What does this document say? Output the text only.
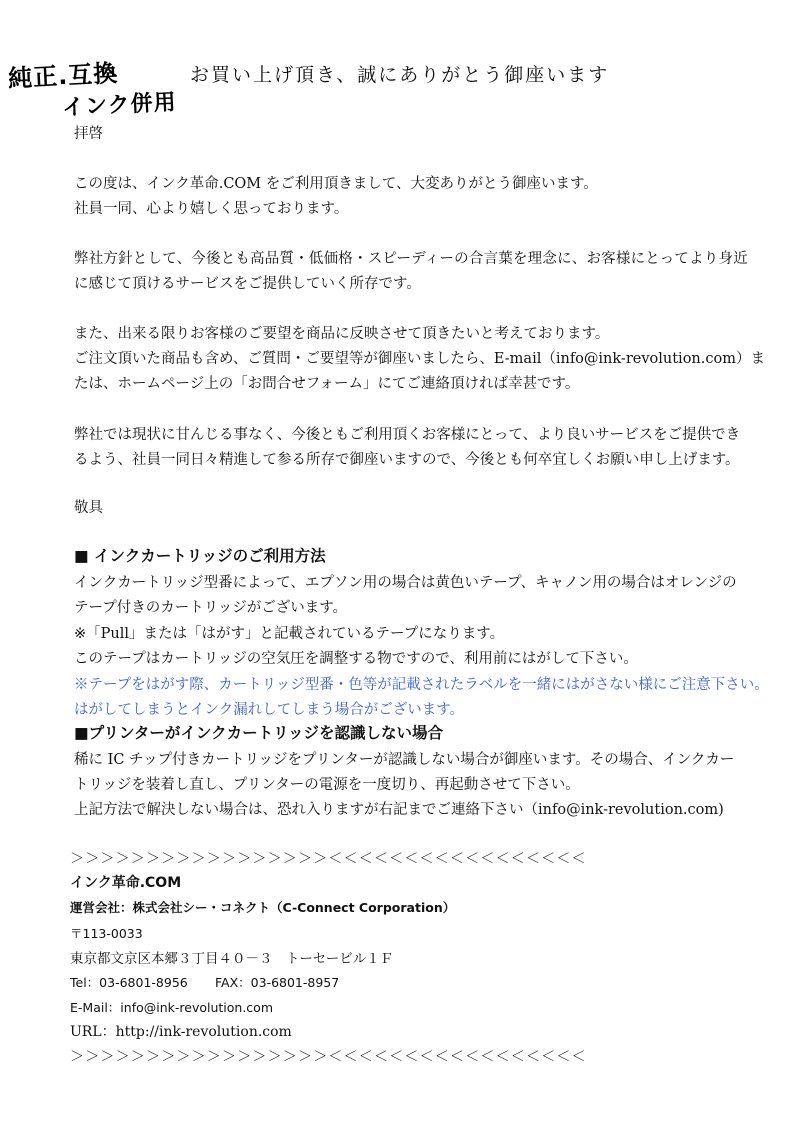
純正.互換
インク併用
お買い上げ頂き、誠にありがとう御座います
拝啓
この度は、インク革命.COM をご利用頂きまして、大変ありがとう御座います。
社員一同、心より嬉しく思っております。
弊社方針として、今後とも高品質・低価格・スピーディーの合言葉を理念に、お客様にとってより身近
に感じて頂けるサービスをご提供していく所存です。
また、出来る限りお客様のご要望を商品に反映させて頂きたいと考えております。
ご注文頂いた商品も含め、ご質問・ご要望等が御座いましたら、E-mail（info@ink-revolution.com）ま
たは、ホームページ上の「お問合せフォーム」にてご連絡頂ければ幸甚です。
弊社では現状に甘んじる事なく、今後ともご利用頂くお客様にとって、より良いサービスをご提供でき
るよう、社員一同日々精進して参る所存で御座いますので、今後とも何卒宜しくお願い申し上げます。
敬具
■ インクカートリッジのご利用方法
インクカートリッジ型番によって、エプソン用の場合は黄色いテープ、キャノン用の場合はオレンジの
テープ付きのカートリッジがございます。
※「Pull」または「はがす」と記載されているテープになります。
このテープはカートリッジの空気圧を調整する物ですので、利用前にはがして下さい。
※テープをはがす際、カートリッジ型番・色等が記載されたラベルを一緒にはがさない様にご注意下さい。
はがしてしまうとインク漏れしてしまう場合がございます。
■プリンターがインクカートリッジを認識しない場合
稀に IC チップ付きカートリッジをプリンターが認識しない場合が御座います。その場合、インクカー
トリッジを装着し直し、プリンターの電源を一度切り、再起動させて下さい。
上記方法で解決しない場合は、恐れ入りますが右記までご連絡下さい（info@ink-revolution.com)
＞＞＞＞＞＞＞＞＞＞＞＞＞＞＞＞＞＜＜＜＜＜＜＜＜＜＜＜＜＜＜＜＜＜
インク革命.COM
運営会社：株式会社シー・コネクト（C-Connect Corporation）
〒113-0033
東京都文京区本郷３丁目４０－３　トーセービル１Ｆ
Tel：03-6801-8956 FAX：03-6801-8957
E-Mail：info@ink-revolution.com
URL：http://ink-revolution.com
＞＞＞＞＞＞＞＞＞＞＞＞＞＞＞＞＞＜＜＜＜＜＜＜＜＜＜＜＜＜＜＜＜＜
